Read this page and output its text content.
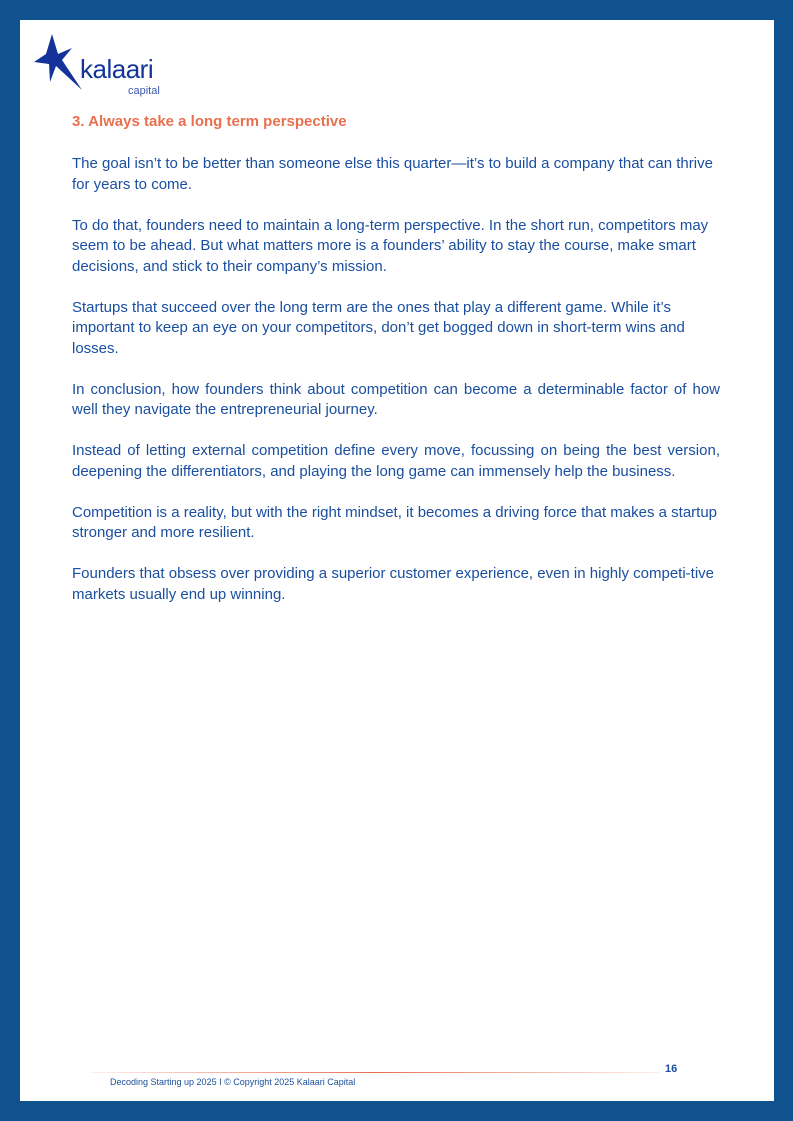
kalaari
capital
3. Always take a long term perspective

The goal isn’t to be better than someone else this quarter—it’s to build a company that can thrive for years to come.

To do that, founders need to maintain a long-term perspective. In the short run, competitors may seem to be ahead. But what matters more is a founders’ ability to stay the course, make smart decisions, and stick to their company’s mission.

Startups that succeed over the long term are the ones that play a different game. While it’s important to keep an eye on your competitors, don’t get bogged down in short-term wins and losses.

In conclusion, how founders think about competition can become a determinable factor of how well they navigate the entrepreneurial journey.

Instead of letting external competition define every move, focussing on being the best version, deepening the differentiators, and playing the long game can immensely help the business.

Competition is a reality, but with the right mindset, it becomes a driving force that makes a startup stronger and more resilient.

Founders that obsess over providing a superior customer experience, even in highly competi-tive markets usually end up winning.

16
Decoding Starting up 2025 I © Copyright 2025 Kalaari Capital
